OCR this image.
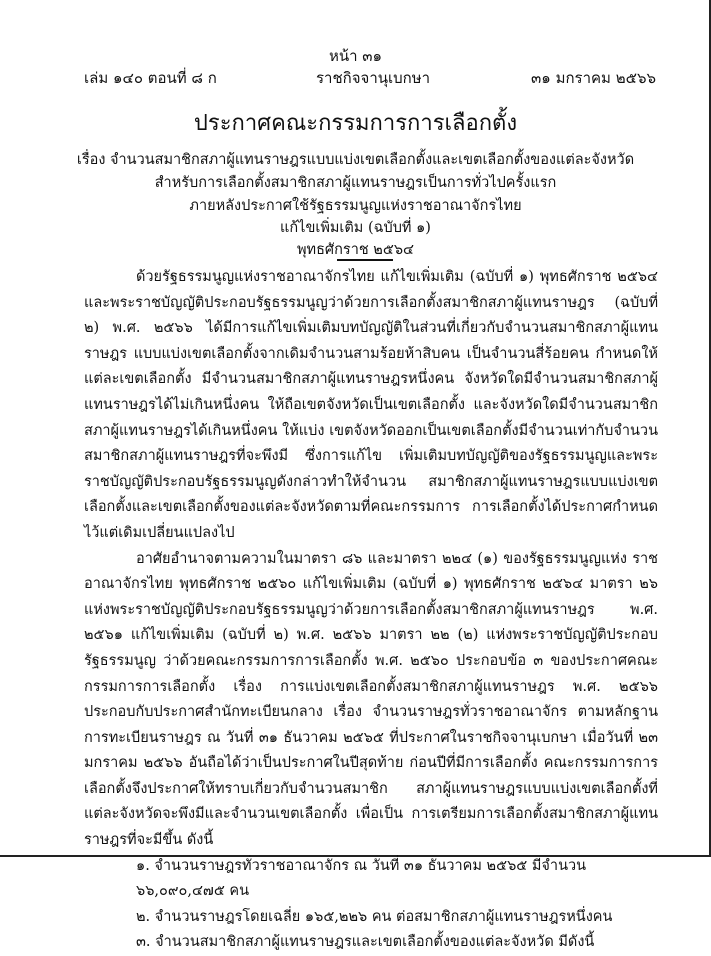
หน้า ๓๑
เล่ม ๑๔๐ ตอนที่ ๘ ก	ราชกิจจานุเบกษา	๓๑ มกราคม ๒๕๖๖
ประกาศคณะกรรมการการเลือกตั้ง
เรื่อง จำนวนสมาชิกสภาผู้แทนราษฎรแบบแบ่งเขตเลือกตั้งและเขตเลือกตั้งของแต่ละจังหวัด
สำหรับการเลือกตั้งสมาชิกสภาผู้แทนราษฎรเป็นการทั่วไปครั้งแรก
ภายหลังประกาศใช้รัฐธรรมนูญแห่งราชอาณาจักรไทย
แก้ไขเพิ่มเติม (ฉบับที่ ๑)
พุทธศักราช ๒๕๖๔

ด้วยรัฐธรรมนูญแห่งราชอาณาจักรไทย แก้ไขเพิ่มเติม (ฉบับที่ ๑) พุทธศักราช ๒๕๖๔ และพระราชบัญญัติประกอบรัฐธรรมนูญว่าด้วยการเลือกตั้งสมาชิกสภาผู้แทนราษฎร (ฉบับที่ ๒) พ.ศ. ๒๕๖๖ ได้มีการแก้ไขเพิ่มเติมบทบัญญัติในส่วนที่เกี่ยวกับจำนวนสมาชิกสภาผู้แทนราษฎร แบบแบ่งเขตเลือกตั้งจากเดิมจำนวนสามร้อยห้าสิบคน เป็นจำนวนสี่ร้อยคน กำหนดให้แต่ละเขตเลือกตั้ง มีจำนวนสมาชิกสภาผู้แทนราษฎรหนึ่งคน จังหวัดใดมีจำนวนสมาชิกสภาผู้แทนราษฎรได้ไม่เกินหนึ่งคน ให้ถือเขตจังหวัดเป็นเขตเลือกตั้ง และจังหวัดใดมีจำนวนสมาชิกสภาผู้แทนราษฎรได้เกินหนึ่งคน ให้แบ่ง เขตจังหวัดออกเป็นเขตเลือกตั้งมีจำนวนเท่ากับจำนวนสมาชิกสภาผู้แทนราษฎรที่จะพึงมี ซึ่งการแก้ไข เพิ่มเติมบทบัญญัติของรัฐธรรมนูญและพระราชบัญญัติประกอบรัฐธรรมนูญดังกล่าวทำให้จำนวน สมาชิกสภาผู้แทนราษฎรแบบแบ่งเขตเลือกตั้งและเขตเลือกตั้งของแต่ละจังหวัดตามที่คณะกรรมการ การเลือกตั้งได้ประกาศกำหนดไว้แต่เดิมเปลี่ยนแปลงไป

อาศัยอำนาจตามความในมาตรา ๘๖ และมาตรา ๒๒๔ (๑) ของรัฐธรรมนูญแห่ง ราชอาณาจักรไทย พุทธศักราช ๒๕๖๐ แก้ไขเพิ่มเติม (ฉบับที่ ๑) พุทธศักราช ๒๕๖๔ มาตรา ๒๖ แห่งพระราชบัญญัติประกอบรัฐธรรมนูญว่าด้วยการเลือกตั้งสมาชิกสภาผู้แทนราษฎร พ.ศ. ๒๕๖๑ แก้ไขเพิ่มเติม (ฉบับที่ ๒) พ.ศ. ๒๕๖๖ มาตรา ๒๒ (๒) แห่งพระราชบัญญัติประกอบรัฐธรรมนูญ ว่าด้วยคณะกรรมการการเลือกตั้ง พ.ศ. ๒๕๖๐ ประกอบข้อ ๓ ของประกาศคณะกรรมการการเลือกตั้ง เรื่อง การแบ่งเขตเลือกตั้งสมาชิกสภาผู้แทนราษฎร พ.ศ. ๒๕๖๖ ประกอบกับประกาศสำนักทะเบียนกลาง เรื่อง จำนวนราษฎรทั่วราชอาณาจักร ตามหลักฐานการทะเบียนราษฎร ณ วันที่ ๓๑ ธันวาคม ๒๕๖๕ ที่ประกาศในราชกิจจานุเบกษา เมื่อวันที่ ๒๓ มกราคม ๒๕๖๖ อันถือได้ว่าเป็นประกาศในปีสุดท้าย ก่อนปีที่มีการเลือกตั้ง คณะกรรมการการเลือกตั้งจึงประกาศให้ทราบเกี่ยวกับจำนวนสมาชิก สภาผู้แทนราษฎรแบบแบ่งเขตเลือกตั้งที่แต่ละจังหวัดจะพึงมีและจำนวนเขตเลือกตั้ง เพื่อเป็น การเตรียมการเลือกตั้งสมาชิกสภาผู้แทนราษฎรที่จะมีขึ้น ดังนี้

๑. จำนวนราษฎรทั่วราชอาณาจักร ณ วันที่ ๓๑ ธันวาคม ๒๕๖๕ มีจำนวน ๖๖,๐๙๐,๔๗๕ คน
๒. จำนวนราษฎรโดยเฉลี่ย ๑๖๕,๒๒๖ คน ต่อสมาชิกสภาผู้แทนราษฎรหนึ่งคน
๓. จำนวนสมาชิกสภาผู้แทนราษฎรและเขตเลือกตั้งของแต่ละจังหวัด มีดังนี้
